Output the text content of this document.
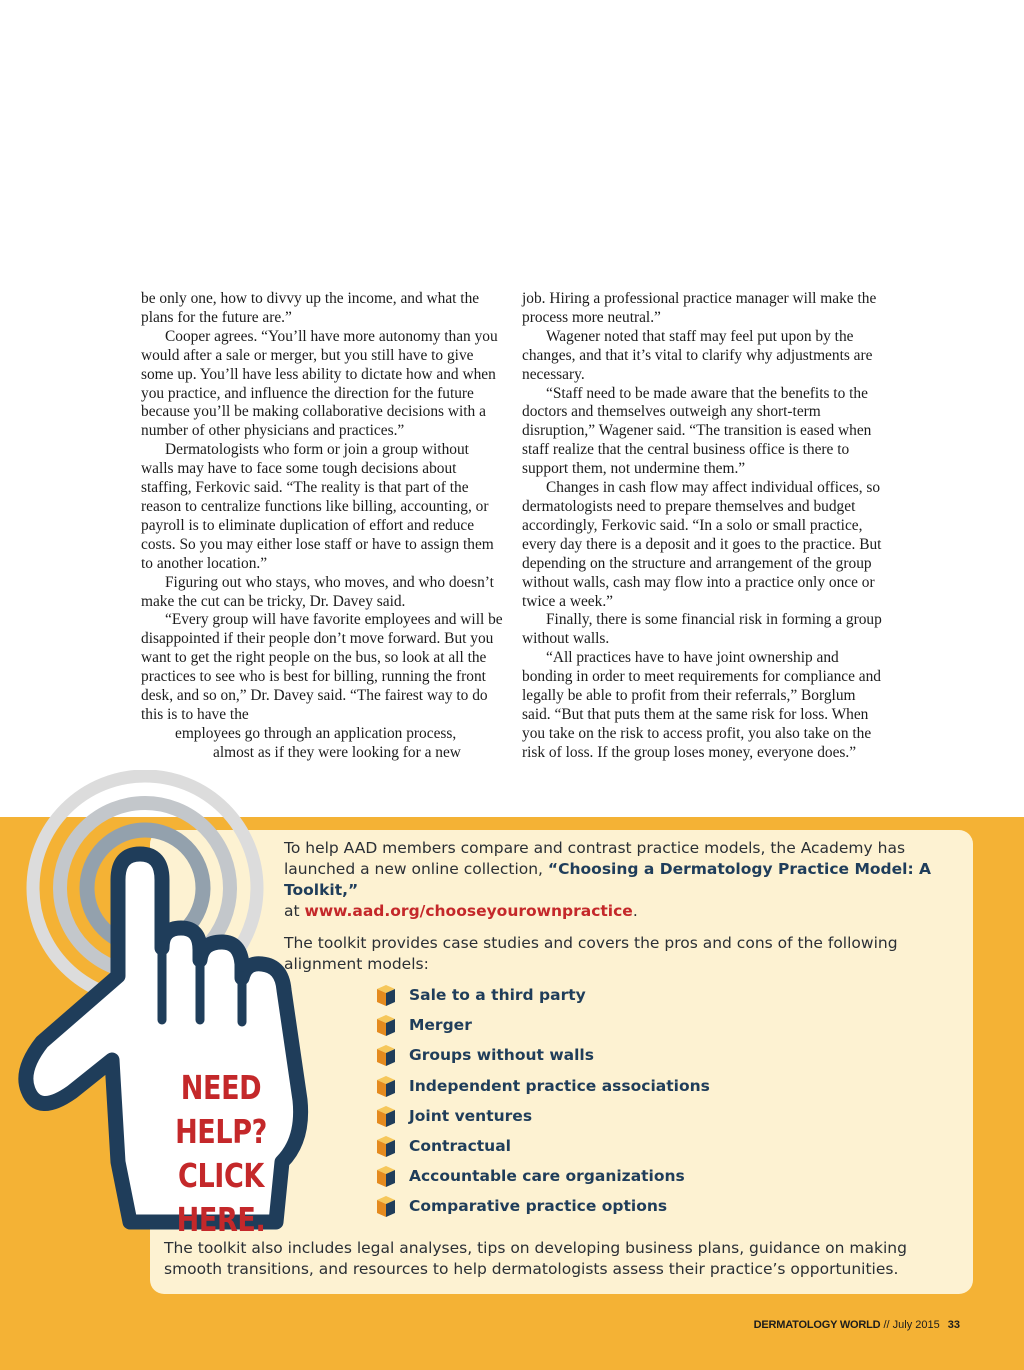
be only one, how to divvy up the income, and what the plans for the future are.”

Cooper agrees. “You’ll have more autonomy than you would after a sale or merger, but you still have to give some up. You’ll have less ability to dictate how and when you practice, and influence the direction for the future because you’ll be making collaborative decisions with a number of other physicians and practices.”

Dermatologists who form or join a group without walls may have to face some tough decisions about staffing, Ferkovic said. “The reality is that part of the reason to centralize functions like billing, accounting, or payroll is to eliminate duplication of effort and reduce costs. So you may either lose staff or have to assign them to another location.”

Figuring out who stays, who moves, and who doesn’t make the cut can be tricky, Dr. Davey said.

“Every group will have favorite employees and will be disappointed if their people don’t move forward. But you want to get the right people on the bus, so look at all the practices to see who is best for billing, running the front desk, and so on,” Dr. Davey said. “The fairest way to do this is to have the

employees go through an application process,
almost as if they were looking for a new

job. Hiring a professional practice manager will make the process more neutral.”

Wagener noted that staff may feel put upon by the changes, and that it’s vital to clarify why adjustments are necessary.

“Staff need to be made aware that the benefits to the doctors and themselves outweigh any short-term disruption,” Wagener said. “The transition is eased when staff realize that the central business office is there to support them, not undermine them.”

Changes in cash flow may affect individual offices, so dermatologists need to prepare themselves and budget accordingly, Ferkovic said. “In a solo or small practice, every day there is a deposit and it goes to the practice. But depending on the structure and arrangement of the group without walls, cash may flow into a practice only once or twice a week.”

Finally, there is some financial risk in forming a group without walls.

“All practices have to have joint ownership and bonding in order to meet requirements for compliance and legally be able to profit from their referrals,” Borglum said. “But that puts them at the same risk for loss. When you take on the risk to access profit, you also take on the risk of loss. If the group loses money, everyone does.”

To help AAD members compare and contrast practice models, the Academy has launched a new online collection, “Choosing a Dermatology Practice Model: A Toolkit,”
at www.aad.org/chooseyourownpractice.

The toolkit provides case studies and covers the pros and cons of the following alignment models:

Sale to a third party
Merger
Groups without walls
Independent practice associations
Joint ventures
Contractual
Accountable care organizations
Comparative practice options
The toolkit also includes legal analyses, tips on developing business plans, guidance on making smooth transitions, and resources to help dermatologists assess their practice’s opportunities.
NEED HELP?
CLICK HERE.
DERMATOLOGY WORLD // July 2015 33
